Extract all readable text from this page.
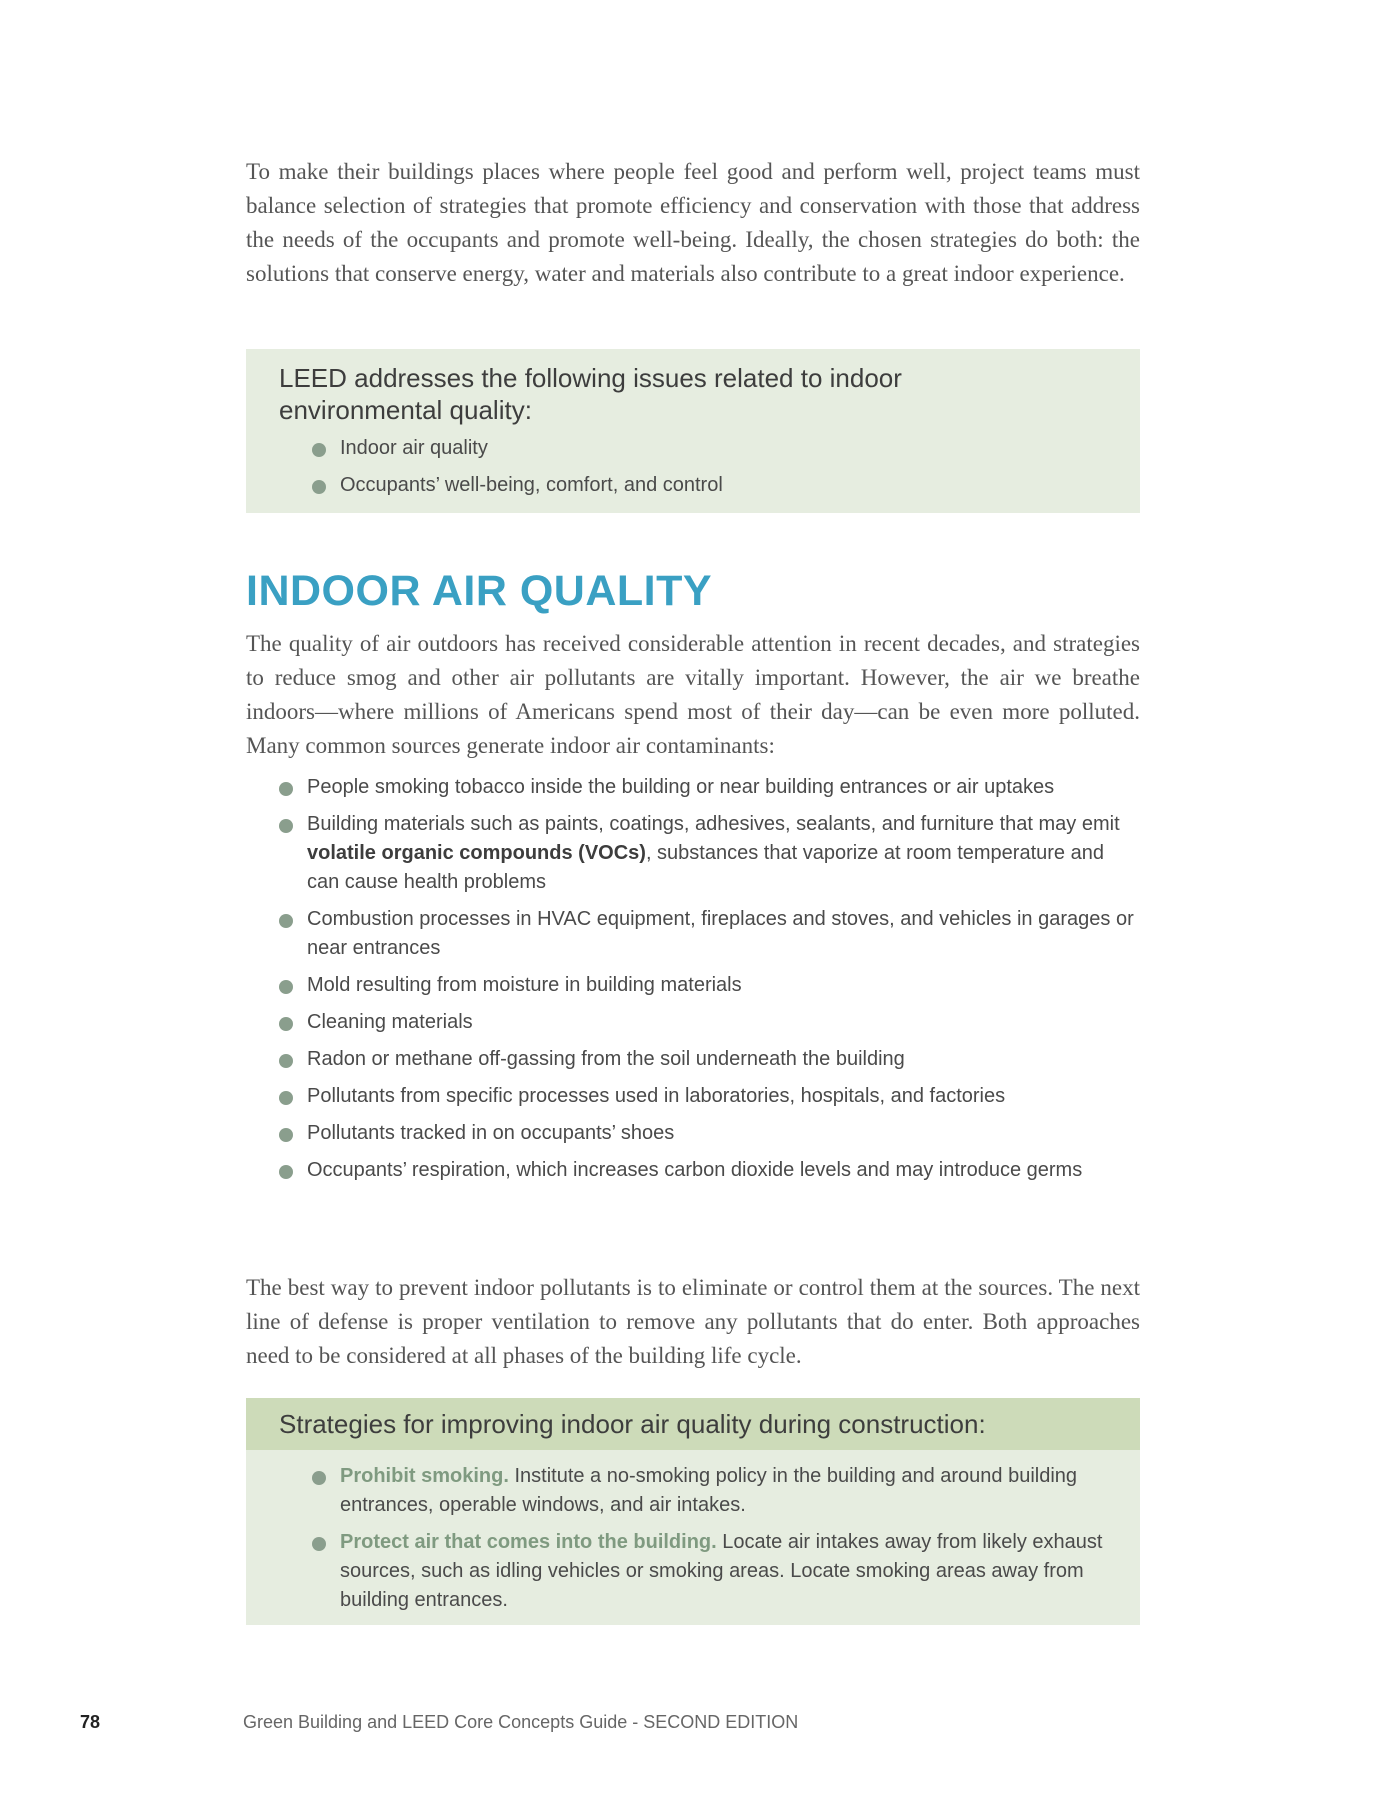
To make their buildings places where people feel good and perform well, project teams must balance selection of strategies that promote efficiency and conservation with those that address the needs of the occupants and promote well-being. Ideally, the chosen strategies do both: the solutions that conserve energy, water and materials also contribute to a great indoor experience.

LEED addresses the following issues related to indoor environmental quality:
Indoor air quality
Occupants’ well-being, comfort, and control
INDOOR AIR QUALITY

The quality of air outdoors has received considerable attention in recent decades, and strategies to reduce smog and other air pollutants are vitally important. However, the air we breathe indoors—where millions of Americans spend most of their day—can be even more polluted. Many common sources generate indoor air contaminants:

People smoking tobacco inside the building or near building entrances or air uptakes
Building materials such as paints, coatings, adhesives, sealants, and furniture that may emit volatile organic compounds (VOCs), substances that vaporize at room temperature and can cause health problems
Combustion processes in HVAC equipment, fireplaces and stoves, and vehicles in garages or near entrances
Mold resulting from moisture in building materials
Cleaning materials
Radon or methane off-gassing from the soil underneath the building
Pollutants from specific processes used in laboratories, hospitals, and factories
Pollutants tracked in on occupants’ shoes
Occupants’ respiration, which increases carbon dioxide levels and may introduce germs

The best way to prevent indoor pollutants is to eliminate or control them at the sources. The next line of defense is proper ventilation to remove any pollutants that do enter. Both approaches need to be considered at all phases of the building life cycle.

Strategies for improving indoor air quality during construction:
Prohibit smoking. Institute a no-smoking policy in the building and around building entrances, operable windows, and air intakes.
Protect air that comes into the building. Locate air intakes away from likely exhaust sources, such as idling vehicles or smoking areas. Locate smoking areas away from building entrances.
78	Green Building and LEED Core Concepts Guide - SECOND EDITION
